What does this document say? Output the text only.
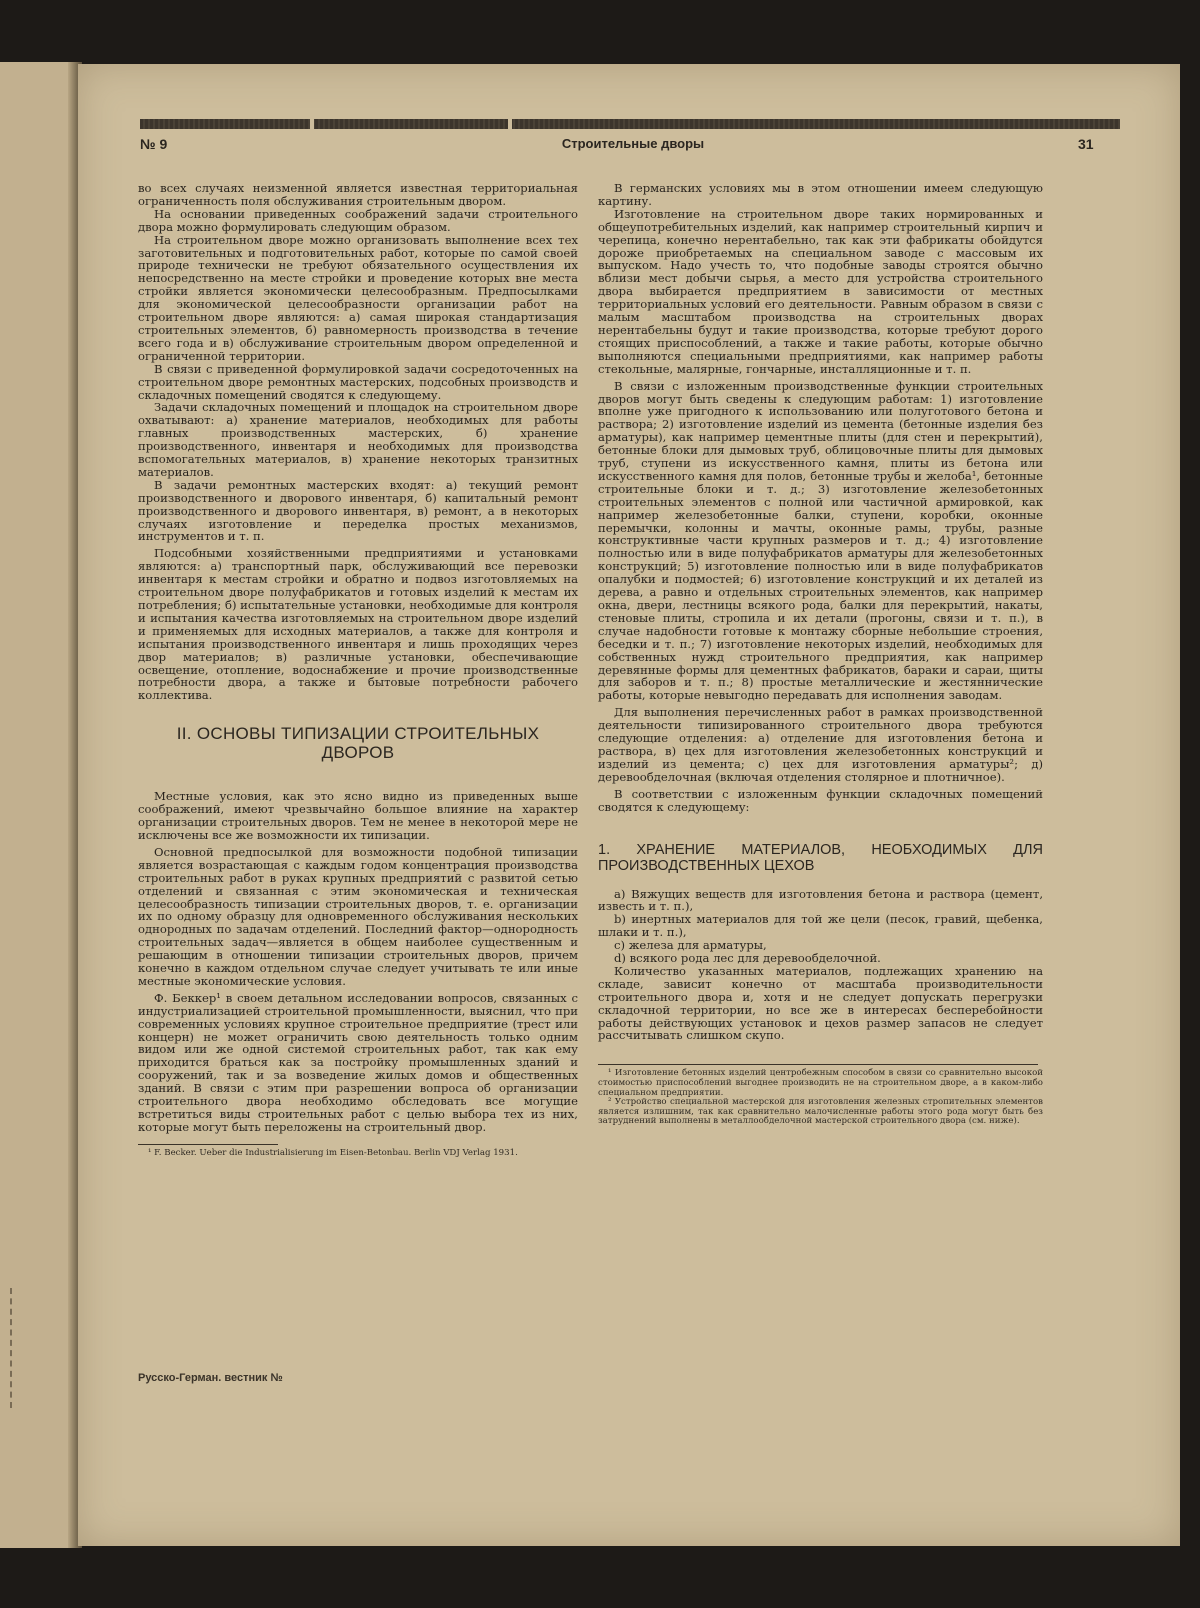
№ 9	Строительные дворы	31

во всех случаях неизменной является известная территориальная ограниченность поля обслуживания строительным двором.

На основании приведенных соображений задачи строительного двора можно формулировать следующим образом.

На строительном дворе можно организовать выполнение всех тех заготовительных и подготовительных работ, которые по самой своей природе технически не требуют обязательного осуществления их непосредственно на месте стройки и проведение которых вне места стройки является экономически целесообразным. Предпосылками для экономической целесообразности организации работ на строительном дворе являются: а) самая широкая стандартизация строительных элементов, б) равномерность производства в течение всего года и в) обслуживание строительным двором определенной и ограниченной территории.

В связи с приведенной формулировкой задачи сосредоточенных на строительном дворе ремонтных мастерских, подсобных производств и складочных помещений сводятся к следующему.

Задачи складочных помещений и площадок на строительном дворе охватывают: а) хранение материалов, необходимых для работы главных производственных мастерских, б) хранение производственного, инвентаря и необходимых для производства вспомогательных материалов, в) хранение некоторых транзитных материалов.

В задачи ремонтных мастерских входят: а) текущий ремонт производственного и дворового инвентаря, б) капитальный ремонт производственного и дворового инвентаря, в) ремонт, а в некоторых случаях изготовление и переделка простых механизмов, инструментов и т. п.

Подсобными хозяйственными предприятиями и установками являются: а) транспортный парк, обслуживающий все перевозки инвентаря к местам стройки и обратно и подвоз изготовляемых на строительном дворе полуфабрикатов и готовых изделий к местам их потребления; б) испытательные установки, необходимые для контроля и испытания качества изготовляемых на строительном дворе изделий и применяемых для исходных материалов, а также для контроля и испытания производственного инвентаря и лишь проходящих через двор материалов; в) различные установки, обеспечивающие освещение, отопление, водоснабжение и прочие производственные потребности двора, а также и бытовые потребности рабочего коллектива.

II. ОСНОВЫ ТИПИЗАЦИИ СТРОИТЕЛЬНЫХ ДВОРОВ

Местные условия, как это ясно видно из приведенных выше соображений, имеют чрезвычайно большое влияние на характер организации строительных дворов. Тем не менее в некоторой мере не исключены все же возможности их типизации.

Основной предпосылкой для возможности подобной типизации является возрастающая с каждым годом концентрация производства строительных работ в руках крупных предприятий с развитой сетью отделений и связанная с этим экономическая и техническая целесообразность типизации строительных дворов, т. е. организации их по одному образцу для одновременного обслуживания нескольких однородных по задачам отделений. Последний фактор—однородность строительных задач—является в общем наиболее существенным и решающим в отношении типизации строительных дворов, причем конечно в каждом отдельном случае следует учитывать те или иные местные экономические условия.

Ф. Беккер¹ в своем детальном исследовании вопросов, связанных с индустриализацией строительной промышленности, выяснил, что при современных условиях крупное строительное предприятие (трест или концерн) не может ограничить свою деятельность только одним видом или же одной системой строительных работ, так как ему приходится браться как за постройку промышленных зданий и сооружений, так и за возведение жилых домов и общественных зданий. В связи с этим при разрешении вопроса об организации строительного двора необходимо обследовать все могущие встретиться виды строительных работ с целью выбора тех из них, которые могут быть переложены на строительный двор.

¹ F. Becker. Ueber die Industrialisierung im Eisen-Betonbau. Berlin VDJ Verlag 1931.

В германских условиях мы в этом отношении имеем следующую картину.

Изготовление на строительном дворе таких нормированных и общеупотребительных изделий, как например строительный кирпич и черепица, конечно нерентабельно, так как эти фабрикаты обойдутся дороже приобретаемых на специальном заводе с массовым их выпуском. Надо учесть то, что подобные заводы строятся обычно вблизи мест добычи сырья, а место для устройства строительного двора выбирается предприятием в зависимости от местных территориальных условий его деятельности. Равным образом в связи с малым масштабом производства на строительных дворах нерентабельны будут и такие производства, которые требуют дорого стоящих приспособлений, а также и такие работы, которые обычно выполняются специальными предприятиями, как например работы стекольные, малярные, гончарные, инсталляционные и т. п.

В связи с изложенным производственные функции строительных дворов могут быть сведены к следующим работам: 1) изготовление вполне уже пригодного к использованию или полуготового бетона и раствора; 2) изготовление изделий из цемента (бетонные изделия без арматуры), как например цементные плиты (для стен и перекрытий), бетонные блоки для дымовых труб, облицовочные плиты для дымовых труб, ступени из искусственного камня, плиты из бетона или искусственного камня для полов, бетонные трубы и желоба¹, бетонные строительные блоки и т. д.; 3) изготовление железобетонных строительных элементов с полной или частичной армировкой, как например железобетонные балки, ступени, коробки, оконные перемычки, колонны и мачты, оконные рамы, трубы, разные конструктивные части крупных размеров и т. д.; 4) изготовление полностью или в виде полуфабрикатов арматуры для железобетонных конструкций; 5) изготовление полностью или в виде полуфабрикатов опалубки и подмостей; 6) изготовление конструкций и их деталей из дерева, а равно и отдельных строительных элементов, как например окна, двери, лестницы всякого рода, балки для перекрытий, накаты, стеновые плиты, стропила и их детали (прогоны, связи и т. п.), в случае надобности готовые к монтажу сборные небольшие строения, беседки и т. п.; 7) изготовление некоторых изделий, необходимых для собственных нужд строительного предприятия, как например деревянные формы для цементных фабрикатов, бараки и сараи, щиты для заборов и т. п.; 8) простые металлические и жестяннические работы, которые невыгодно передавать для исполнения заводам.

Для выполнения перечисленных работ в рамках производственной деятельности типизированного строительного двора требуются следующие отделения: а) отделение для изготовления бетона и раствора, в) цех для изготовления железобетонных конструкций и изделий из цемента; с) цех для изготовления арматуры²; д) деревообделочная (включая отделения столярное и плотничное).

В соответствии с изложенным функции складочных помещений сводятся к следующему:

1. ХРАНЕНИЕ МАТЕРИАЛОВ, НЕОБХОДИМЫХ ДЛЯ ПРОИЗВОДСТВЕННЫХ ЦЕХОВ

а) Вяжущих веществ для изготовления бетона и раствора (цемент, известь и т. п.),

b) инертных материалов для той же цели (песок, гравий, щебенка, шлаки и т. п.),

с) железа для арматуры,

d) всякого рода лес для деревообделочной.

Количество указанных материалов, подлежащих хранению на складе, зависит конечно от масштаба производительности строительного двора и, хотя и не следует допускать перегрузки складочной территории, но все же в интересах бесперебойности работы действующих установок и цехов размер запасов не следует рассчитывать слишком скупо.

¹ Изготовление бетонных изделий центробежным способом в связи со сравнительно высокой стоимостью приспособлений выгоднее производить не на строительном дворе, а в каком-либо специальном предприятии.

² Устройство специальной мастерской для изготовления железных стропительных элементов является излишним, так как сравнительно малочисленные работы этого рода могут быть без затруднений выполнены в металлообделочной мастерской строительного двора (см. ниже).

Русско-Герман. вестник №
